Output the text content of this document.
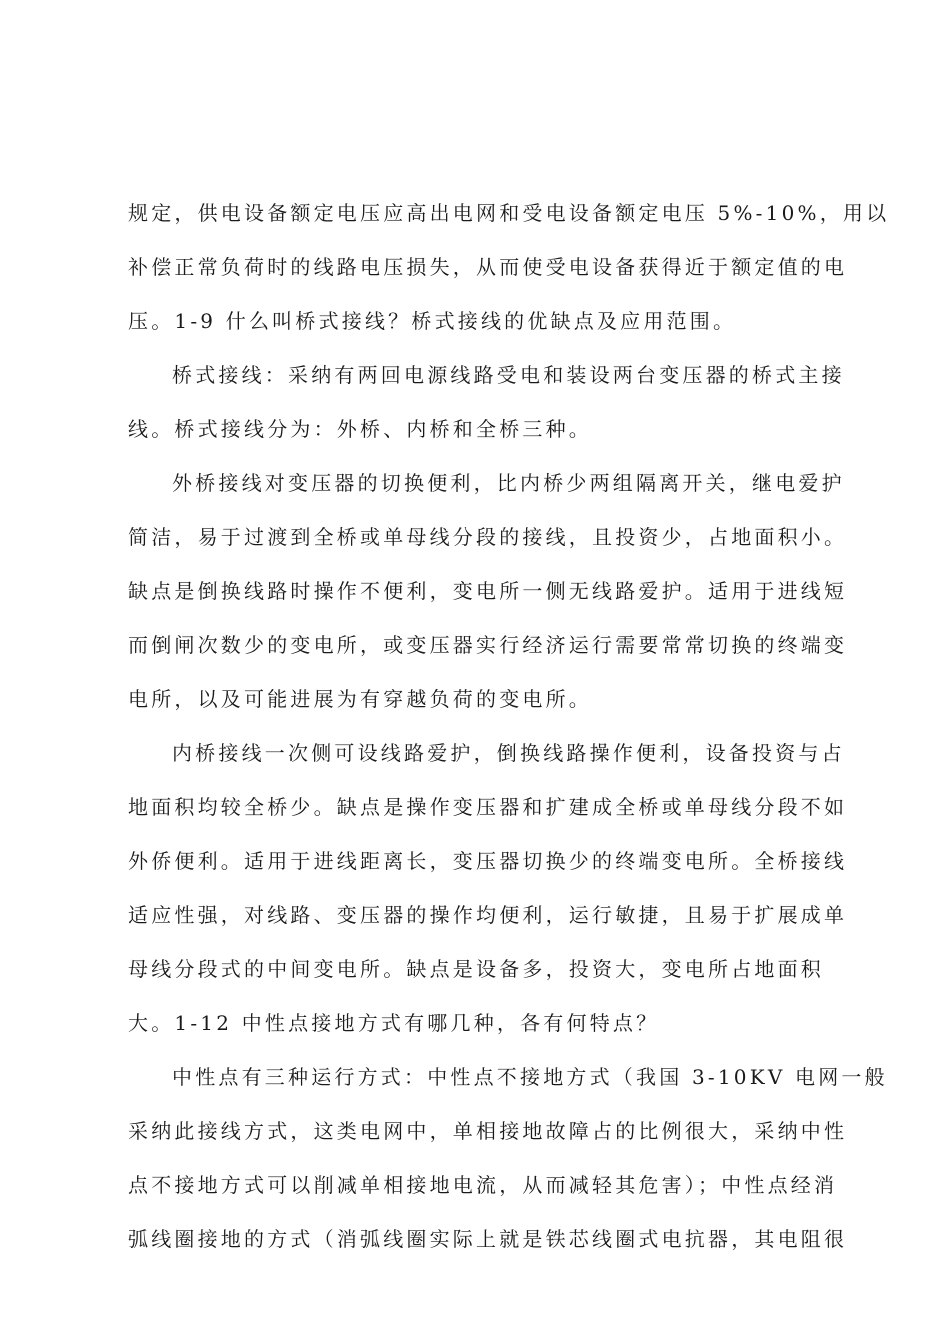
规定，供电设备额定电压应高出电网和受电设备额定电压 5%-10%，用以
补偿正常负荷时的线路电压损失，从而使受电设备获得近于额定值的电
压。1-9 什么叫桥式接线？桥式接线的优缺点及应用范围。
桥式接线：采纳有两回电源线路受电和装设两台变压器的桥式主接
线。桥式接线分为：外桥、内桥和全桥三种。
外桥接线对变压器的切换便利，比内桥少两组隔离开关，继电爱护
简洁，易于过渡到全桥或单母线分段的接线，且投资少，占地面积小。
缺点是倒换线路时操作不便利，变电所一侧无线路爱护。适用于进线短
而倒闸次数少的变电所，或变压器实行经济运行需要常常切换的终端变
电所，以及可能进展为有穿越负荷的变电所。
内桥接线一次侧可设线路爱护，倒换线路操作便利，设备投资与占
地面积均较全桥少。缺点是操作变压器和扩建成全桥或单母线分段不如
外侨便利。适用于进线距离长，变压器切换少的终端变电所。全桥接线
适应性强，对线路、变压器的操作均便利，运行敏捷，且易于扩展成单
母线分段式的中间变电所。缺点是设备多，投资大，变电所占地面积
大。1-12 中性点接地方式有哪几种，各有何特点？
中性点有三种运行方式：中性点不接地方式（我国 3-10KV 电网一般
采纳此接线方式，这类电网中，单相接地故障占的比例很大，采纳中性
点不接地方式可以削减单相接地电流，从而减轻其危害）；中性点经消
弧线圈接地的方式（消弧线圈实际上就是铁芯线圈式电抗器，其电阻很
